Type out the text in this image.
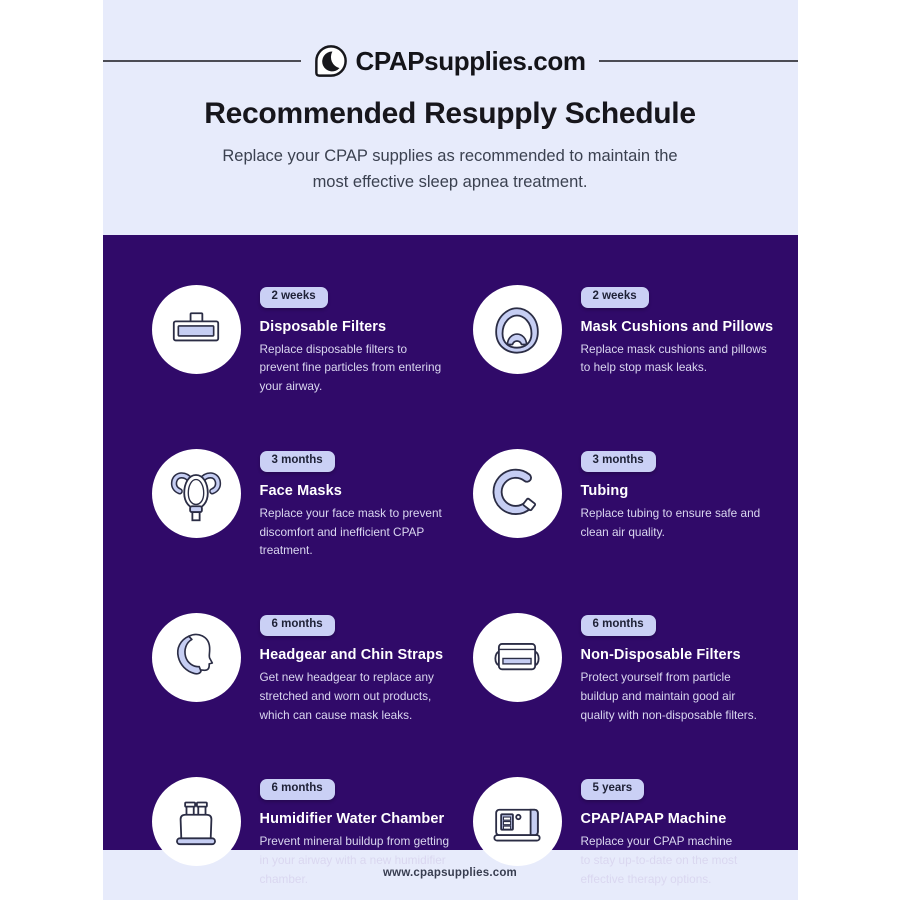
CPAPsupplies.com
Recommended Resupply Schedule
Replace your CPAP supplies as recommended to maintain the most effective sleep apnea treatment.
2 weeks
Disposable Filters
Replace disposable filters to prevent fine particles from entering your airway.
2 weeks
Mask Cushions and Pillows
Replace mask cushions and pillows to help stop mask leaks.
3 months
Face Masks
Replace your face mask to prevent discomfort and inefficient CPAP treatment.
3 months
Tubing
Replace tubing to ensure safe and clean air quality.
6 months
Headgear and Chin Straps
Get new headgear to replace any stretched and worn out products, which can cause mask leaks.
6 months
Non-Disposable Filters
Protect yourself from particle buildup and maintain good air quality with non-disposable filters.
6 months
Humidifier Water Chamber
Prevent mineral buildup from getting in your airway with a new humidifier chamber.
5 years
CPAP/APAP Machine
Replace your CPAP machine to stay up-to-date on the most effective therapy options.
www.cpapsupplies.com
